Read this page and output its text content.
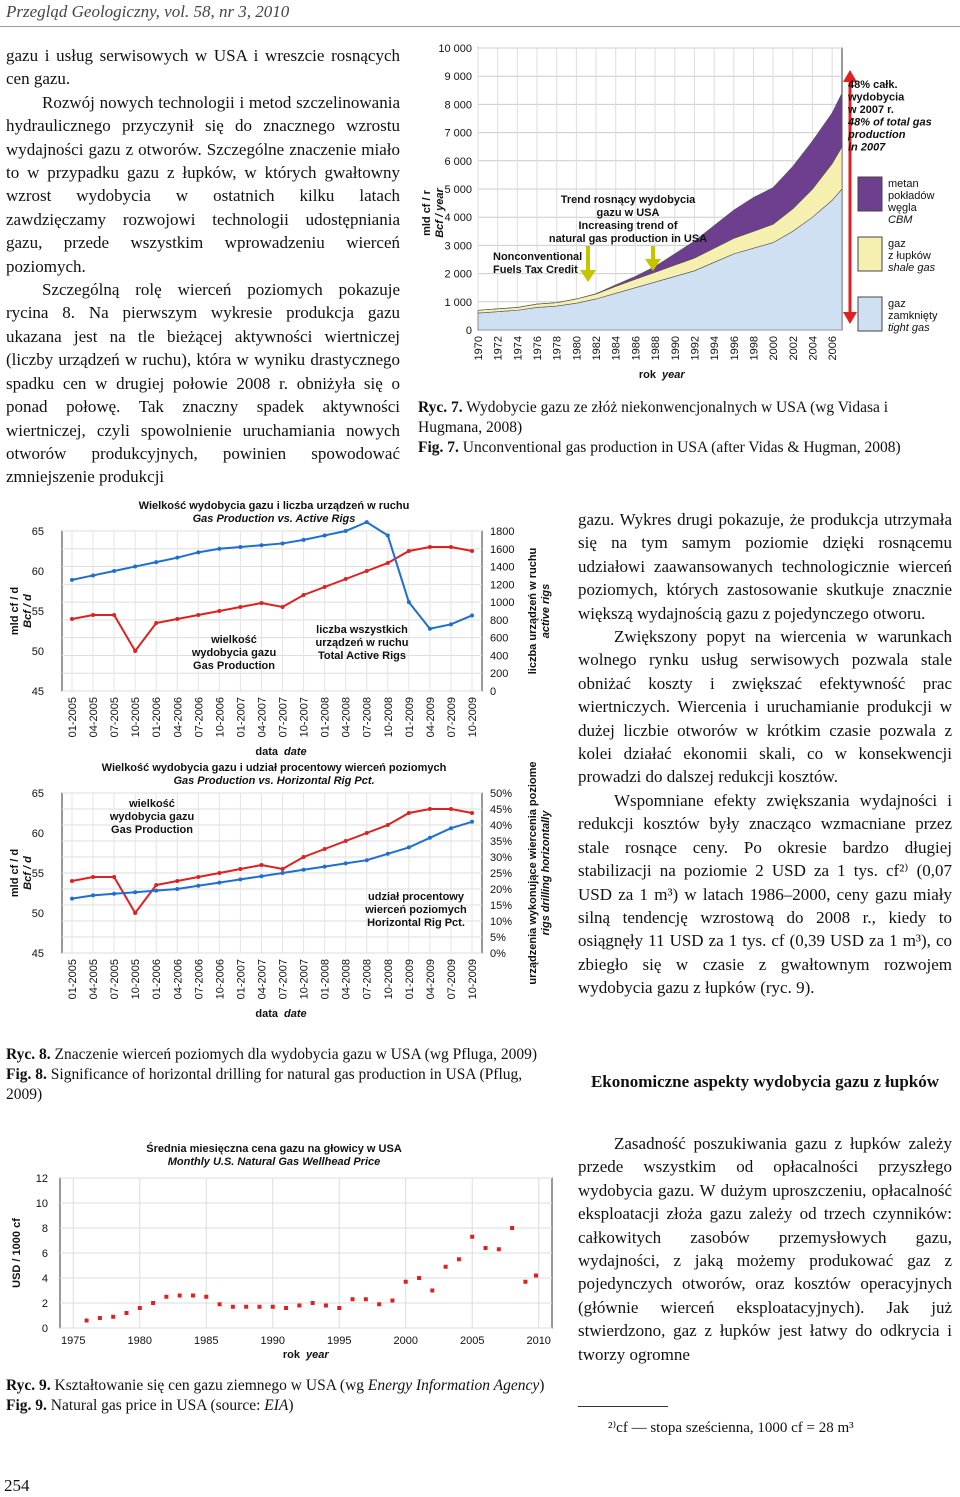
Przegląd Geologiczny, vol. 58, nr 3, 2010

gazu i usług serwisowych w USA i wreszcie rosnących cen gazu.

Rozwój nowych technologii i metod szczelinowania hydraulicznego przyczynił się do znacznego wzrostu wydajności gazu z otworów. Szczególne znaczenie miało to w przypadku gazu z łupków, w których gwałtowny wzrost wydobycia w ostatnich kilku latach zawdzięczamy rozwojowi technologii udostępniania gazu, przede wszystkim wprowadzeniu wierceń poziomych.

Szczególną rolę wierceń poziomych pokazuje rycina 8. Na pierwszym wykresie produkcja gazu ukazana jest na tle bieżącej aktywności wiertniczej (liczby urządzeń w ruchu), która w wyniku drastycznego spadku cen w drugiej połowie 2008 r. obniżyła się o ponad połowę. Tak znaczny spadek aktywności wiertniczej, czyli spowolnienie uruchamiania nowych otworów produkcyjnych, powinien spowodować zmniejszenie produkcji

10 000
9 000
8 000
7 000
6 000
5 000
4 000
3 000
2 000
1 000
0
1970 1972 1974 1976 1978 1980 1982 1984 1986 1988 1990 1992 1994 1996 1998 2000 2002 2004 2006
mld cf / r Bcf / year
rok year
Trend rosnący wydobycia
gazu w USA
Increasing trend of
natural gas production in USA
Nonconventional
Fuels Tax Credit
48% całk.
wydobycia
w 2007 r.
48% of total gas
production
in 2007
metan
pokładów
węgla
CBM
gaz
z łupków
shale gas
gaz
zamknięty
tight gas

Ryc. 7. Wydobycie gazu ze złóż niekonwencjonalnych w USA (wg Vidasa i Hugmana, 2008)

Fig. 7. Unconventional gas production in USA (after Vidas & Hugman, 2008)

65
60
55
50
45
1800
1600
1400
1200
1000
800
600
400
200
0
01-2005 04-2005 07-2005 10-2005 01-2006 04-2006 07-2006 10-2006 01-2007 04-2007 07-2007 10-2007 01-2008 04-2008 07-2008 10-2008 01-2009 04-2009 07-2009 10-2009
Wielkość wydobycia gazu i liczba urządzeń w ruchu
Gas Production vs. Active Rigs
mld cf / d Bcf / d	liczba urządzeń w ruchu active rigs
data date
65
60
55
50
45
50%
45%
40%
35%
30%
25%
20%
15%
10%
5%
0%
01-2005 04-2005 07-2005 10-2005 01-2006 04-2006 07-2006 10-2006 01-2007 04-2007 07-2007 10-2007 01-2008 04-2008 07-2008 10-2008 01-2009 04-2009 07-2009 10-2009
Wielkość wydobycia gazu i udział procentowy wierceń poziomych
Gas Production vs. Horizontal Rig Pct.
mld cf / d Bcf / d	urządzenia wykonujące wiercenia poziome rigs drilling horizontally
data date
wielkość
wydobycia gazu
Gas Production
liczba wszystkich
urządzeń w ruchu
Total Active Rigs
wielkość
wydobycia gazu
Gas Production
udział procentowy
wierceń poziomych
Horizontal Rig Pct.

Ryc. 8. Znaczenie wierceń poziomych dla wydobycia gazu w USA (wg Pfluga, 2009)

Fig. 8. Significance of horizontal drilling for natural gas production in USA (Pflug, 2009)

12
10
8
6
4
2
0
1975	1980	1985	1990	1995	2000	2005	2010
Średnia miesięczna cena gazu na głowicy w USA
Monthly U.S. Natural Gas Wellhead Price
USD / 1000 cf
rok year

Ryc. 9. Kształtowanie się cen gazu ziemnego w USA (wg Energy Information Agency)

Fig. 9. Natural gas price in USA (source: EIA)

gazu. Wykres drugi pokazuje, że produkcja utrzymała się na tym samym poziomie dzięki rosnącemu udziałowi zaawansowanych technologicznie wierceń poziomych, których zastosowanie skutkuje znacznie większą wydajnością gazu z pojedynczego otworu.

Zwiększony popyt na wiercenia w warunkach wolnego rynku usług serwisowych pozwala stale obniżać koszty i zwiększać efektywność prac wiertniczych. Wiercenia i uruchamianie produkcji w dużej liczbie otworów w krótkim czasie pozwala z kolei działać ekonomii skali, co w konsekwencji prowadzi do dalszej redukcji kosztów.

Wspomniane efekty zwiększania wydajności i redukcji kosztów były znacząco wzmacniane przez stale rosnące ceny. Po okresie bardzo długiej stabilizacji na poziomie 2 USD za 1 tys. cf²⁾ (0,07 USD za 1 m³) w latach 1986–2000, ceny gazu miały silną tendencję wzrostową do 2008 r., kiedy to osiągnęły 11 USD za 1 tys. cf (0,39 USD za 1 m³), co zbiegło się w czasie z gwałtownym rozwojem wydobycia gazu z łupków (ryc. 9).

Ekonomiczne aspekty wydobycia gazu z łupków

Zasadność poszukiwania gazu z łupków zależy przede wszystkim od opłacalności przyszłego wydobycia gazu. W dużym uproszczeniu, opłacalność eksploatacji złoża gazu zależy od trzech czynników: całkowitych zasobów przemysłowych gazu, wydajności, z jaką możemy produkować gaz z pojedynczych otworów, oraz kosztów operacyjnych (głównie wierceń eksploatacyjnych). Jak już stwierdzono, gaz z łupków jest łatwy do odkrycia i tworzy ogromne

²⁾cf — stopa sześcienna, 1000 cf = 28 m³
254
